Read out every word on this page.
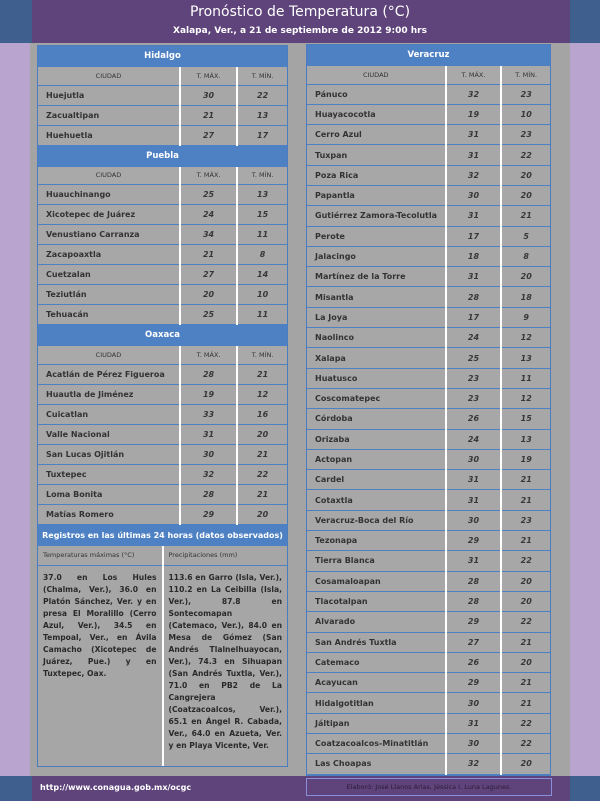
Pronóstico de Temperatura (°C)
Xalapa, Ver., a 21 de septiembre de 2012 9:00 hrs
Hidalgo
CIUDAD	T. MÁX.	T. MÍN.
Huejutla	30	22
Zacualtipan	21	13
Huehuetla	27	17
Puebla
CIUDAD	T. MÁX.	T. MÍN.
Huauchinango	25	13
Xicotepec de Juárez	24	15
Venustiano Carranza	34	11
Zacapoaxtla	21	8
Cuetzalan	27	14
Teziutlán	20	10
Tehuacán	25	11
Oaxaca
CIUDAD	T. MÁX.	T. MÍN.
Acatlán de Pérez Figueroa	28	21
Huautla de Jiménez	19	12
Cuicatlan	33	16
Valle Nacional	31	20
San Lucas Ojitlán	30	21
Tuxtepec	32	22
Loma Bonita	28	21
Matías Romero	29	20
Registros en las últimas 24 horas (datos observados)
Temperaturas máximas (°C)
37.0 en Los Hules (Chalma, Ver.), 36.0 en Platón Sánchez, Ver. y en presa El Moralillo (Cerro Azul, Ver.), 34.5 en Tempoal, Ver., en Ávila Camacho (Xicotepec de Juárez, Pue.) y en Tuxtepec, Oax.
Precipitaciones (mm)
113.6 en Garro (Isla, Ver.), 110.2 en La Ceibilla (Isla, Ver.), 87.8 en Sontecomapan (Catemaco, Ver.), 84.0 en Mesa de Gómez (San Andrés Tlalnelhuayocan, Ver.), 74.3 en Sihuapan (San Andrés Tuxtla, Ver.), 71.0 en PB2 de La Cangrejera (Coatzacoalcos, Ver.), 65.1 en Ángel R. Cabada, Ver., 64.0 en Azueta, Ver. y en Playa Vicente, Ver.
Veracruz
CIUDAD	T. MÁX.	T. MÍN.
Pánuco	32	23
Huayacocotla	19	10
Cerro Azul	31	23
Tuxpan	31	22
Poza Rica	32	20
Papantla	30	20
Gutiérrez Zamora-Tecolutla	31	21
Perote	17	5
Jalacingo	18	8
Martínez de la Torre	31	20
Misantla	28	18
La Joya	17	9
Naolinco	24	12
Xalapa	25	13
Huatusco	23	11
Coscomatepec	23	12
Córdoba	26	15
Orizaba	24	13
Actopan	30	19
Cardel	31	21
Cotaxtla	31	21
Veracruz-Boca del Río	30	23
Tezonapa	29	21
Tierra Blanca	31	22
Cosamaloapan	28	20
Tlacotalpan	28	20
Alvarado	29	22
San Andrés Tuxtla	27	21
Catemaco	26	20
Acayucan	29	21
Hidalgotitlan	30	21
Jáltipan	31	22
Coatzacoalcos-Minatitlán	30	22
Las Choapas	32	20
http://www.conagua.gob.mx/ocgc	Elaboró: José Llanos Arias, Jéssica I. Luna Lagunes.
